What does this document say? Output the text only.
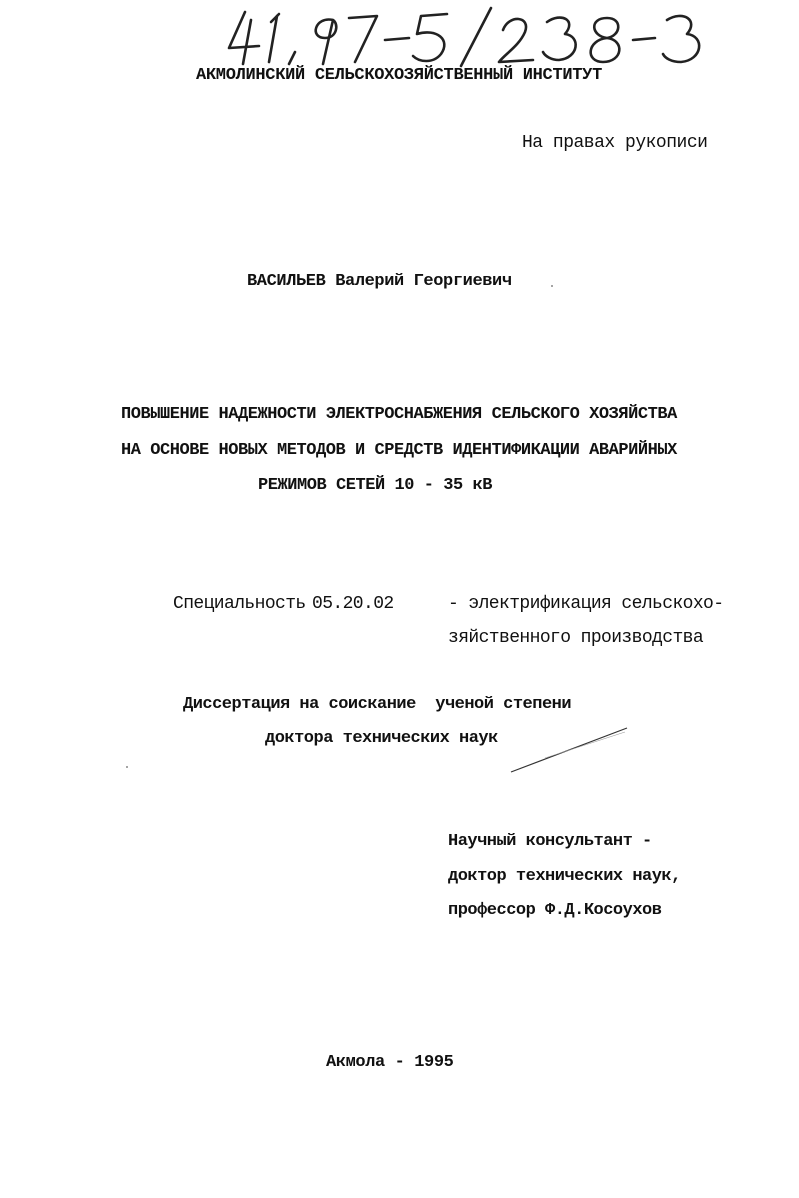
АКМОЛИНСКИЙ СЕЛЬСКОХОЗЯЙСТВЕННЫЙ ИНСТИТУТ
На правах рукописи
ВАСИЛЬЕВ Валерий Георгиевич
ПОВЫШЕНИЕ НАДЕЖНОСТИ ЭЛЕКТРОСНАБЖЕНИЯ СЕЛЬСКОГО ХОЗЯЙСТВА
НА ОСНОВЕ НОВЫХ МЕТОДОВ И СРЕДСТВ ИДЕНТИФИКАЦИИ АВАРИЙНЫХ
РЕЖИМОВ СЕТЕЙ 10 - 35 кВ
Специальность 05.20.02	- электрификация сельскохо-
зяйственного производства
Диссертация на соискание  ученой степени
доктора технических наук
Научный консультант -
доктор технических наук,
профессор Ф.Д.Косоухов
Акмола - 1995
